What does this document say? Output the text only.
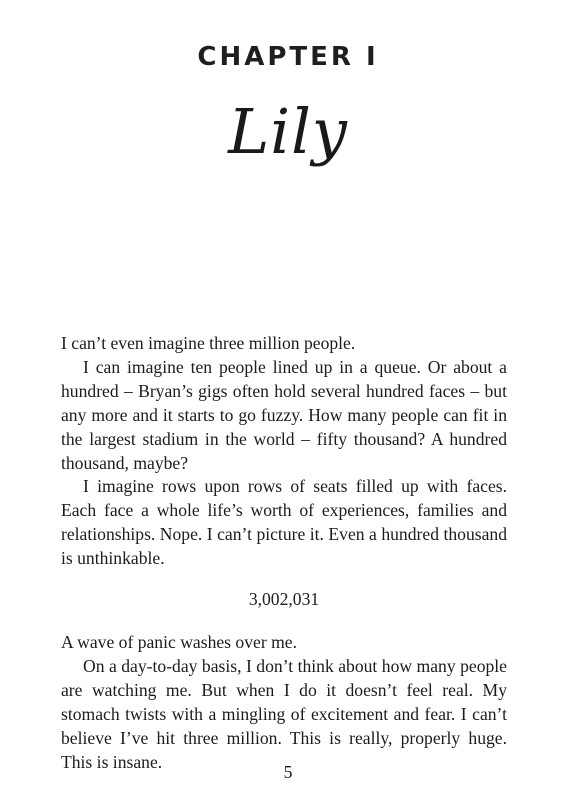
CHAPTER I
Lily

I can’t even imagine three million people.

I can imagine ten people lined up in a queue. Or about a hundred – Bryan’s gigs often hold several hundred faces – but any more and it starts to go fuzzy. How many people can fit in the largest stadium in the world – fifty thousand? A hundred thousand, maybe?

I imagine rows upon rows of seats filled up with faces. Each face a whole life’s worth of experiences, families and relationships. Nope. I can’t picture it. Even a hundred thousand is unthinkable.

3,002,031

A wave of panic washes over me.

On a day-to-day basis, I don’t think about how many people are watching me. But when I do it doesn’t feel real. My stomach twists with a mingling of excitement and fear. I can’t believe I’ve hit three million. This is really, properly huge. This is insane.

5
